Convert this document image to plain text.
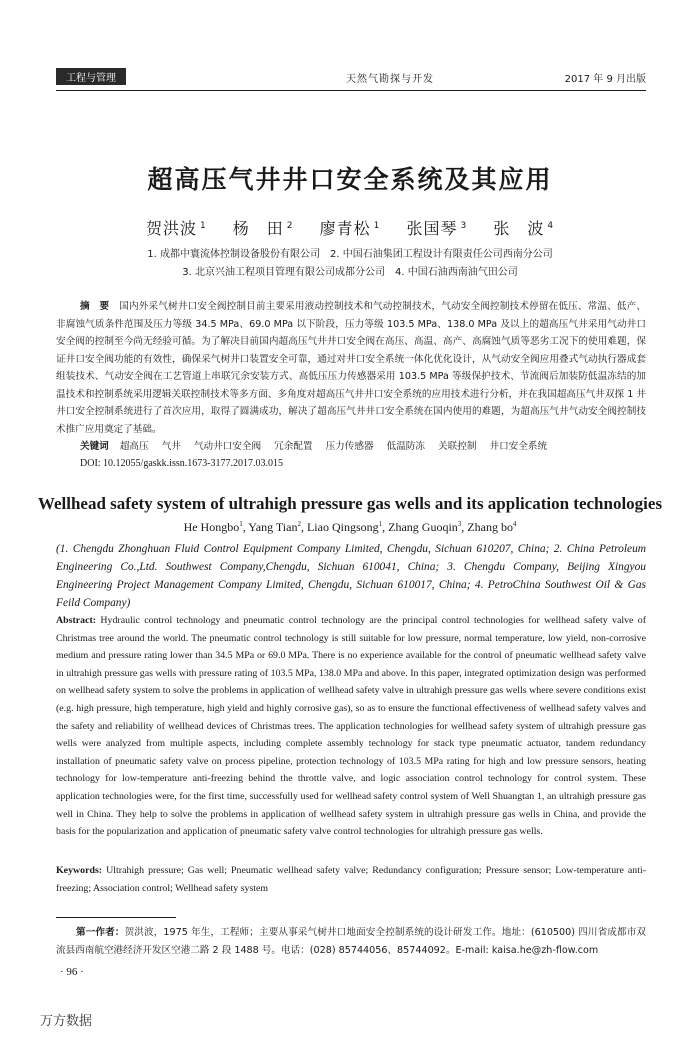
工程与管理	天然气勘探与开发	2017 年 9 月出版
超高压气井井口安全系统及其应用
贺洪波 $^1$ 杨　田 $^2$ 廖青松 $^1$ 张国琴 $^3$ 张　波 $^4$
1. 成都中寰流体控制设备股份有限公司　2. 中国石油集团工程设计有限责任公司西南分公司
3. 北京兴油工程项目管理有限公司成都分公司　4. 中国石油西南油气田公司
摘　要 国内外采气树井口安全阀控制目前主要采用液动控制技术和气动控制技术，气动安全阀控制技术停留在低压、常温、低产、非腐蚀气质条件范围及压力等级 34.5 MPa、69.0 MPa 以下阶段，压力等级 103.5 MPa、138.0 MPa 及以上的超高压气井采用气动井口安全阀的控制至今尚无经验可循。为了解决目前国内超高压气井井口安全阀在高压、高温、高产、高腐蚀气质等恶劣工况下的使用难题，保证井口安全阀功能的有效性，确保采气树井口装置安全可靠，通过对井口安全系统一体化优化设计，从气动安全阀应用叠式气动执行器成套组装技术、气动安全阀在工艺管道上串联冗余安装方式、高低压压力传感器采用 103.5 MPa 等级保护技术、节流阀后加装防低温冻结的加温技术和控制系统采用逻辑关联控制技术等多方面、多角度对超高压气井井口安全系统的应用技术进行分析，并在我国超高压气井双探 1 井井口安全控制系统进行了首次应用，取得了圆满成功，解决了超高压气井井口安全系统在国内使用的难题，为超高压气井气动安全阀控制技术推广应用奠定了基础。
关键词 超高压 气井 气动井口安全阀 冗余配置 压力传感器 低温防冻 关联控制 井口安全系统
DOI: 10.12055/gaskk.issn.1673-3177.2017.03.015
Wellhead safety system of ultrahigh pressure gas wells and its application technologies
He Hongbo$^1$, Yang Tian$^2$, Liao Qingsong$^1$, Zhang Guoqin$^3$, Zhang $bo^4$
(1. Chengdu Zhonghuan Fluid Control Equipment Company Limited, Chengdu, Sichuan 610207, China; 2. China Petroleum Engineering Co.,Ltd. Southwest Company,Chengdu, Sichuan 610041, China; 3. Chengdu Company, Beijing Xingyou Engineering Project Management Company Limited, Chengdu, Sichuan 610017, China; 4. PetroChina Southwest Oil & Gas Feild Company)
Abstract: Hydraulic control technology and pneumatic control technology are the principal control technologies for wellhead safety valve of Christmas tree around the world. The pneumatic control technology is still suitable for low pressure, normal temperature, low yield, non-corrosive medium and pressure rating lower than 34.5 MPa or 69.0 MPa. There is no experience available for the control of pneumatic wellhead safety valve in ultrahigh pressure gas wells with pressure rating of 103.5 MPa, 138.0 MPa and above. In this paper, integrated optimization design was performed on wellhead safety system to solve the problems in application of wellhead safety valve in ultrahigh pressure gas wells where severe conditions exist (e.g. high pressure, high temperature, high yield and highly corrosive gas), so as to ensure the functional effectiveness of wellhead safety valves and the safety and reliability of wellhead devices of Christmas trees. The application technologies for wellhead safety system of ultrahigh pressure gas wells were analyzed from multiple aspects, including complete assembly technology for stack type pneumatic actuator, tandem redundancy installation of pneumatic safety valve on process pipeline, protection technology of 103.5 MPa rating for high and low pressure sensors, heating technology for low-temperature anti-freezing behind the throttle valve, and logic association control technology for control system. These application technologies were, for the first time, successfully used for wellhead safety control system of Well Shuangtan 1, an ultrahigh pressure gas well in China. They help to solve the problems in application of wellhead safety system in ultrahigh pressure gas wells in China, and provide the basis for the popularization and application of pneumatic safety valve control technologies for ultrahigh pressure gas wells.
Keywords: Ultrahigh pressure; Gas well; Pneumatic wellhead safety valve; Redundancy configuration; Pressure sensor; Low-temperature anti-freezing; Association control; Wellhead safety system
第一作者：贺洪波，1975 年生，工程师；主要从事采气树井口地面安全控制系统的设计研发工作。地址：(610500) 四川省成都市双流县西南航空港经济开发区空港二路 2 段 1488 号。电话：(028) 85744056、85744092。E-mail: kaisa.he@zh-flow.com
· 96 ·
万方数据
